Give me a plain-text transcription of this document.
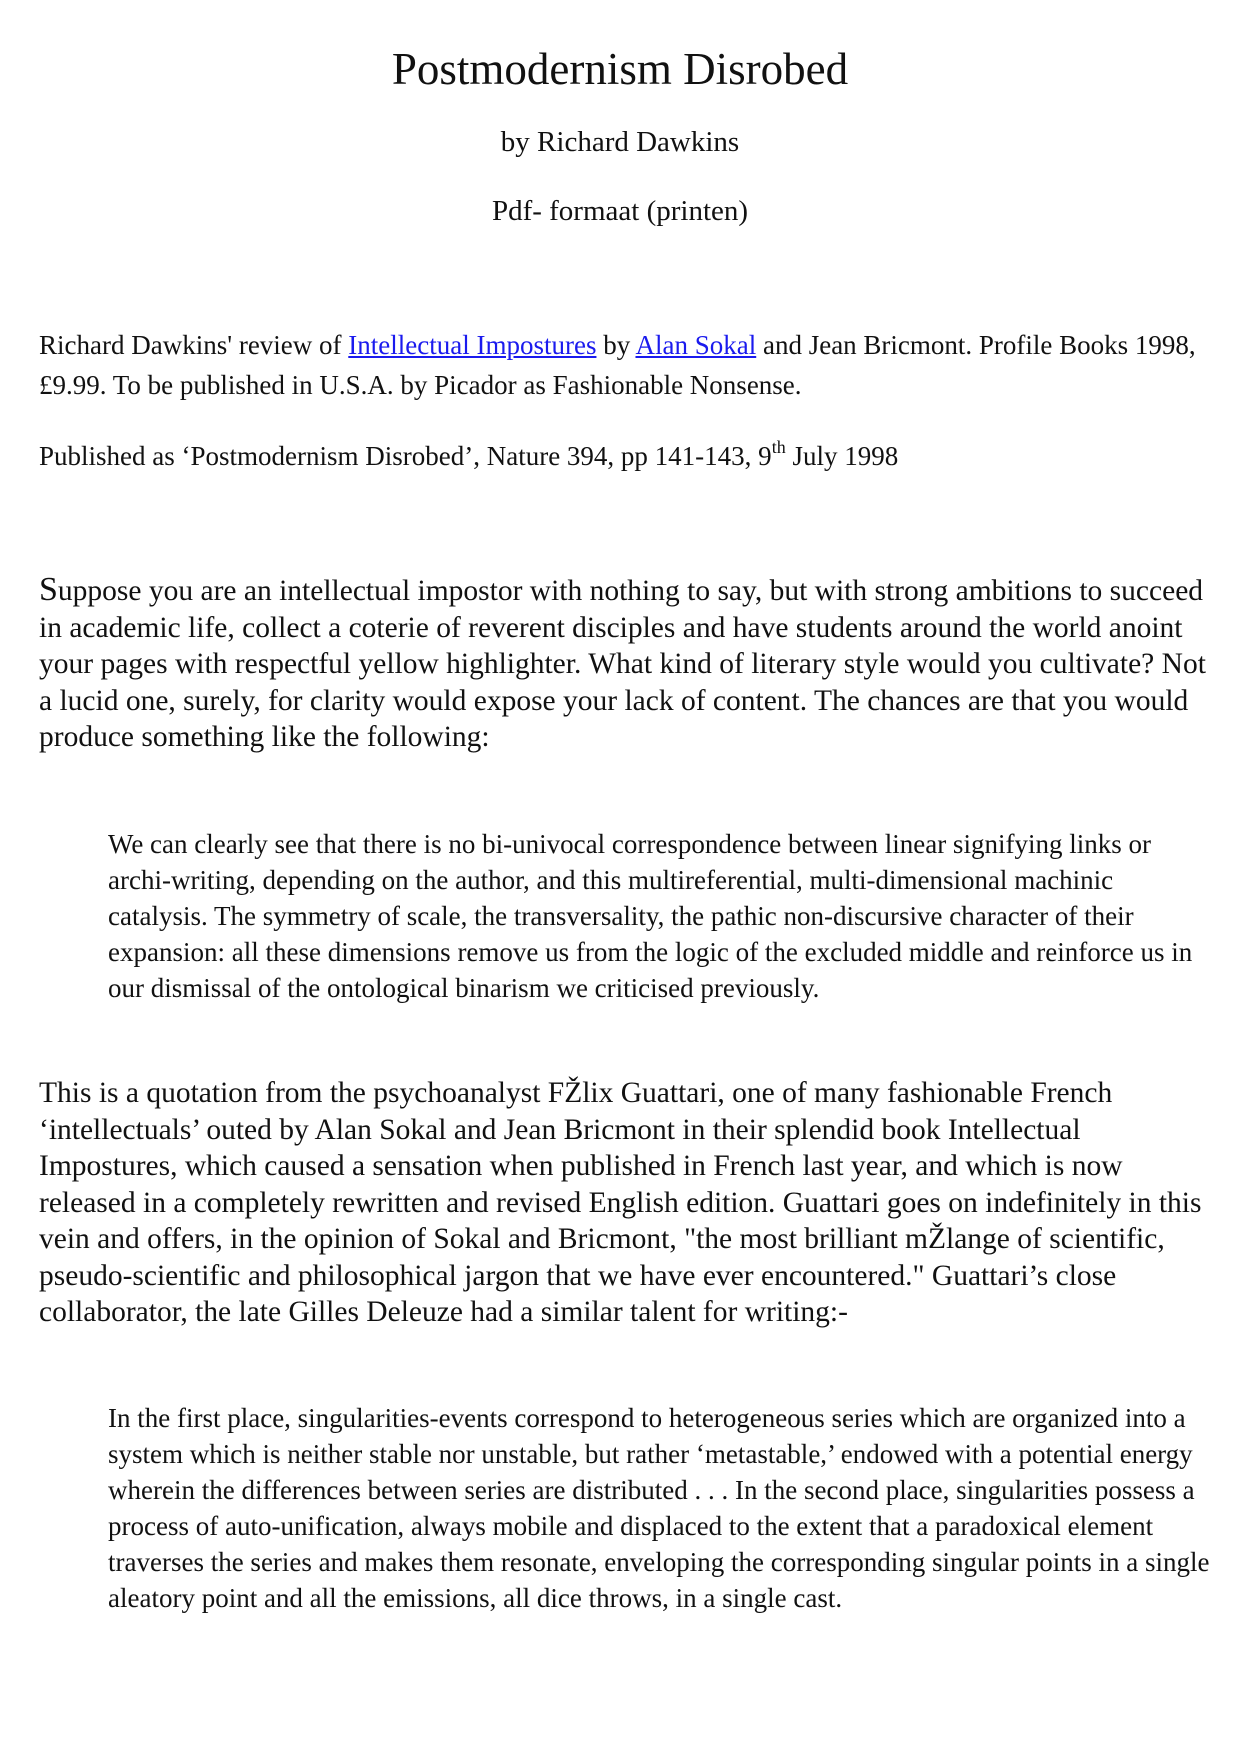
Postmodernism Disrobed
by Richard Dawkins
Pdf- formaat (printen)
Richard Dawkins' review of Intellectual Impostures by Alan Sokal and Jean Bricmont. Profile Books 1998, £9.99. To be published in U.S.A. by Picador as Fashionable Nonsense.
Published as ‘Postmodernism Disrobed’, Nature 394, pp 141-143, 9th July 1998
Suppose you are an intellectual impostor with nothing to say, but with strong ambitions to succeed in academic life, collect a coterie of reverent disciples and have students around the world anoint your pages with respectful yellow highlighter. What kind of literary style would you cultivate? Not a lucid one, surely, for clarity would expose your lack of content. The chances are that you would produce something like the following:
We can clearly see that there is no bi-univocal correspondence between linear signifying links or archi-writing, depending on the author, and this multireferential, multi-dimensional machinic catalysis. The symmetry of scale, the transversality, the pathic non-discursive character of their expansion: all these dimensions remove us from the logic of the excluded middle and reinforce us in our dismissal of the ontological binarism we criticised previously.
This is a quotation from the psychoanalyst FŽlix Guattari, one of many fashionable French ‘intellectuals’ outed by Alan Sokal and Jean Bricmont in their splendid book Intellectual Impostures, which caused a sensation when published in French last year, and which is now released in a completely rewritten and revised English edition. Guattari goes on indefinitely in this vein and offers, in the opinion of Sokal and Bricmont, "the most brilliant mŽlange of scientific, pseudo-scientific and philosophical jargon that we have ever encountered." Guattari’s close collaborator, the late Gilles Deleuze had a similar talent for writing:-
In the first place, singularities-events correspond to heterogeneous series which are organized into a system which is neither stable nor unstable, but rather ‘metastable,’ endowed with a potential energy wherein the differences between series are distributed . . . In the second place, singularities possess a process of auto-unification, always mobile and displaced to the extent that a paradoxical element traverses the series and makes them resonate, enveloping the corresponding singular points in a single aleatory point and all the emissions, all dice throws, in a single cast.
